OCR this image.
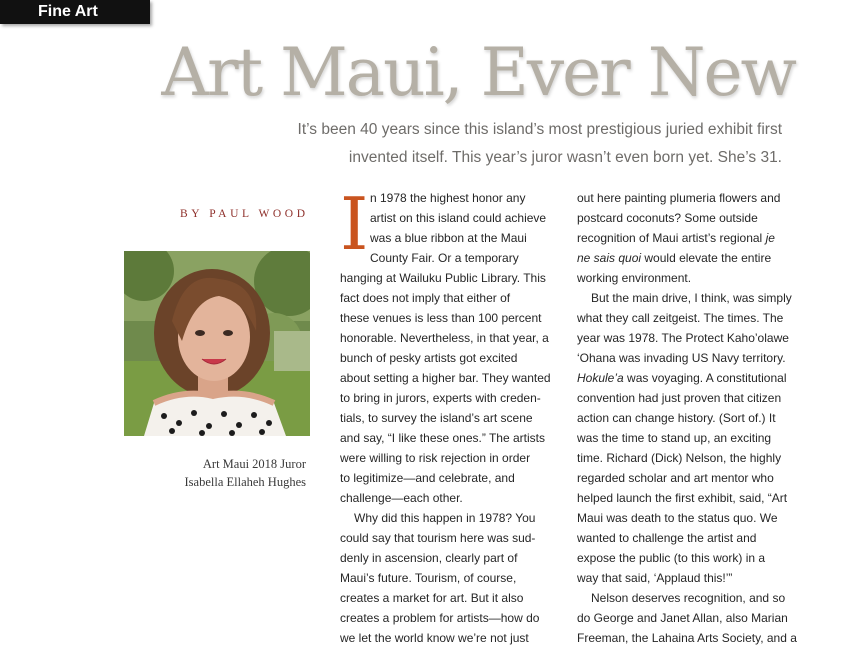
Fine Art
Art Maui, Ever New

It’s been 40 years since this island’s most prestigious juried exhibit first
invented itself. This year’s juror wasn’t even born yet. She’s 31.

BY PAUL WOOD
Art Maui 2018 Juror
Isabella Ellaheh Hughes
I n 1978 the highest honor any
artist on this island could achieve
was a blue ribbon at the Maui
County Fair. Or a temporary
hanging at Wailuku Public Library. This
fact does not imply that either of
these venues is less than 100 percent
honorable. Nevertheless, in that year, a
bunch of pesky artists got excited
about setting a higher bar. They wanted
to bring in jurors, experts with creden-
tials, to survey the island’s art scene
and say, “I like these ones.” The artists
were willing to risk rejection in order
to legitimize—and celebrate, and
challenge—each other.
Why did this happen in 1978? You
could say that tourism here was sud-
denly in ascension, clearly part of
Maui’s future. Tourism, of course,
creates a market for art. But it also
creates a problem for artists—how do
we let the world know we’re not just
out here painting plumeria flowers and
postcard coconuts? Some outside
recognition of Maui artist’s regional je
ne sais quoi would elevate the entire
working environment.
But the main drive, I think, was simply
what they call zeitgeist. The times. The
year was 1978. The Protect Kaho’olawe
‘Ohana was invading US Navy territory.
Hokule’a was voyaging. A constitutional
convention had just proven that citizen
action can change history. (Sort of.) It
was the time to stand up, an exciting
time. Richard (Dick) Nelson, the highly
regarded scholar and art mentor who
helped launch the first exhibit, said, “Art
Maui was death to the status quo. We
wanted to challenge the artist and
expose the public (to this work) in a
way that said, ‘Applaud this!’”
Nelson deserves recognition, and so
do George and Janet Allan, also Marian
Freeman, the Lahaina Arts Society, and a
